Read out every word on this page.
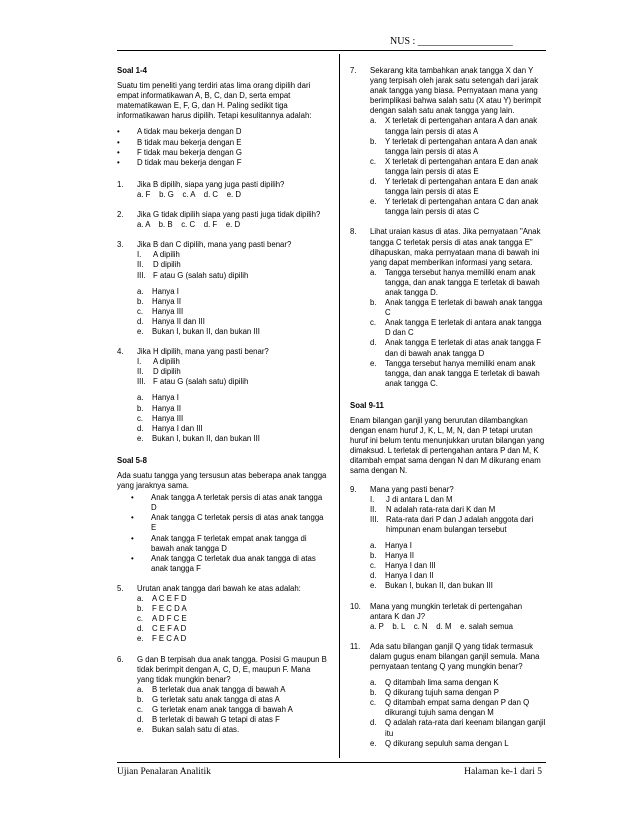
NUS : ___________________

Soal 1-4

Suatu tim peneliti yang terdiri atas lima orang dipilih dari empat informatikawan A, B, C, dan D, serta empat matematikawan E, F, G, dan H. Paling sedikit tiga informatikawan harus dipilih. Tetapi kesulitannya adalah:

• A tidak mau bekerja dengan D
• B tidak mau bekerja dengan E
• F tidak mau bekerja dengan G
• D tidak mau bekerja dengan F
1. Jika B dipilih, siapa yang juga pasti dipilih?

a. F    b. G    c. A    d. C    e. D

2. Jika G tidak dipilih siapa yang pasti juga tidak dipilih?

a. A    b. B    c. C    d. F    e. D

3. Jika B dan C dipilih, mana yang pasti benar?

I. A dipilih
II. D dipilih
III. F atau G (salah satu) dipilih
a. Hanya I
b. Hanya II
c. Hanya III
d. Hanya II dan III
e. Bukan I, bukan II, dan bukan III
4. Jika H dipilih, mana yang pasti benar?

I. A dipilih
II. D dipilih
III. F atau G (salah satu) dipilih
a. Hanya I
b. Hanya II
c. Hanya III
d. Hanya I dan III
e. Bukan I, bukan II, dan bukan III

Soal 5-8

Ada suatu tangga yang tersusun atas beberapa anak tangga yang jaraknya sama.

• Anak tangga A terletak persis di atas anak tangga D
• Anak tangga C terletak persis di atas anak tangga E
• Anak tangga F terletak empat anak tangga di bawah anak tangga D
• Anak tangga C terletak dua anak tangga di atas anak tangga F
5. Urutan anak tangga dari bawah ke atas adalah:

a. A C E F D
b. F E C D A
c. A D F C E
d. C E F A D
e. F E C A D
6. G dan B terpisah dua anak tangga. Posisi G maupun B tidak berimpit dengan A, C, D, E, maupun F. Mana yang tidak mungkin benar?

a. B terletak dua anak tangga di bawah A
b. G terletak satu anak tangga di atas A
c. G terletak enam anak tangga di bawah A
d. B terletak di bawah G tetapi di atas F
e. Bukan salah satu di atas.
7. Sekarang kita tambahkan anak tangga X dan Y yang terpisah oleh jarak satu setengah dari jarak anak tangga yang biasa. Pernyataan mana yang berimplikasi bahwa salah satu (X atau Y) berimpit dengan salah satu anak tangga yang lain.

a. X terletak di pertengahan antara A dan anak tangga lain persis di atas A
b. Y terletak di pertengahan antara A dan anak tangga lain persis di atas A
c. X terletak di pertengahan antara E dan anak tangga lain persis di atas E
d. Y terletak di pertengahan antara E dan anak tangga lain persis di atas E
e. Y terletak di pertengahan antara C dan anak tangga lain persis di atas C
8. Lihat uraian kasus di atas. Jika pernyataan "Anak tangga C terletak persis di atas anak tangga E" dihapuskan, maka pernyataan mana di bawah ini yang dapat memberikan informasi yang setara.

a. Tangga tersebut hanya memiliki enam anak tangga, dan anak tangga E terletak di bawah anak tangga D.
b. Anak tangga E terletak di bawah anak tangga C
c. Anak tangga E terletak di antara anak tangga D dan C
d. Anak tangga E terletak di atas anak tangga F dan di bawah anak tangga D
e. Tangga tersebut hanya memiliki enam anak tangga, dan anak tangga E terletak di bawah anak tangga C.

Soal 9-11

Enam bilangan ganjil yang berurutan dilambangkan dengan enam huruf J, K, L, M, N, dan P tetapi urutan huruf ini belum tentu menunjukkan urutan bilangan yang dimaksud. L terletak di pertengahan antara P dan M, K ditambah empat sama dengan N dan M dikurang enam sama dengan N.

9. Mana yang pasti benar?

I. J di antara L dan M
II. N adalah rata-rata dari K dan M
III. Rata-rata dari P dan J adalah anggota dari himpunan enam bulangan tersebut
a. Hanya I
b. Hanya II
c. Hanya I dan III
d. Hanya I dan II
e. Bukan I, bukan II, dan bukan III
10. Mana yang mungkin terletak di pertengahan antara K dan J?

a. P    b. L    c. N    d. M    e. salah semua

11. Ada satu bilangan ganjil Q yang tidak termasuk dalam gugus enam bilangan ganjil semula. Mana pernyataan tentang Q yang mungkin benar?

a. Q ditambah lima sama dengan K
b. Q dikurang tujuh sama dengan P
c. Q ditambah empat sama dengan P dan Q dikurangi tujuh sama dengan M
d. Q adalah rata-rata dari keenam bilangan ganjil itu
e. Q dikurang sepuluh sama dengan L
Ujian Penalaran Analitik	Halaman ke-1 dari 5
